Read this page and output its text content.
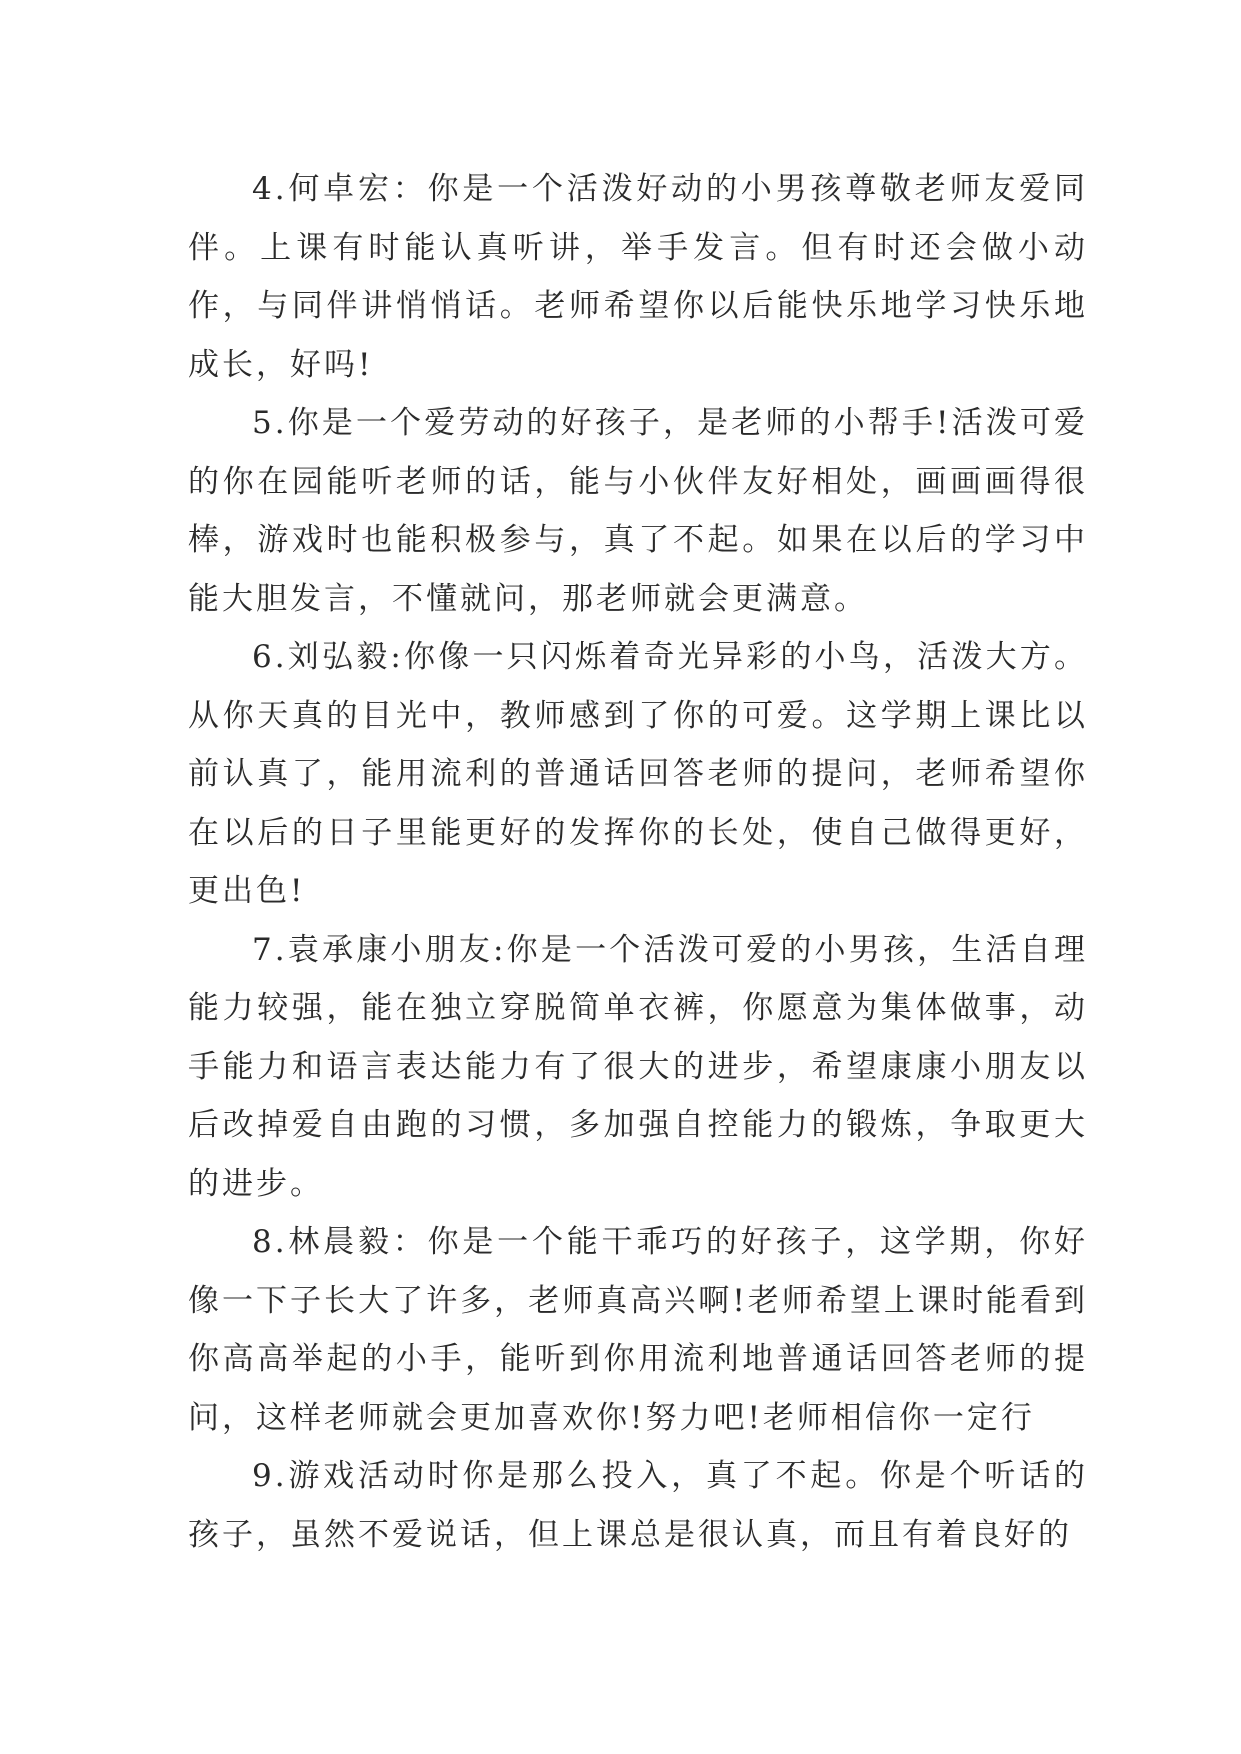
4.何卓宏：你是一个活泼好动的小男孩尊敬老师友爱同伴。上课有时能认真听讲，举手发言。但有时还会做小动作，与同伴讲悄悄话。老师希望你以后能快乐地学习快乐地成长，好吗!

5.你是一个爱劳动的好孩子，是老师的小帮手!活泼可爱的你在园能听老师的话，能与小伙伴友好相处，画画画得很棒，游戏时也能积极参与，真了不起。如果在以后的学习中能大胆发言，不懂就问，那老师就会更满意。

6.刘弘毅:你像一只闪烁着奇光异彩的小鸟，活泼大方。从你天真的目光中，教师感到了你的可爱。这学期上课比以前认真了，能用流利的普通话回答老师的提问，老师希望你在以后的日子里能更好的发挥你的长处，使自己做得更好，更出色!

7.袁承康小朋友:你是一个活泼可爱的小男孩，生活自理能力较强，能在独立穿脱简单衣裤，你愿意为集体做事，动手能力和语言表达能力有了很大的进步，希望康康小朋友以后改掉爱自由跑的习惯，多加强自控能力的锻炼，争取更大的进步。

8.林晨毅：你是一个能干乖巧的好孩子，这学期，你好像一下子长大了许多，老师真高兴啊!老师希望上课时能看到你高高举起的小手，能听到你用流利地普通话回答老师的提问，这样老师就会更加喜欢你!努力吧!老师相信你一定行

9.游戏活动时你是那么投入，真了不起。你是个听话的孩子，虽然不爱说话，但上课总是很认真，而且有着良好的
